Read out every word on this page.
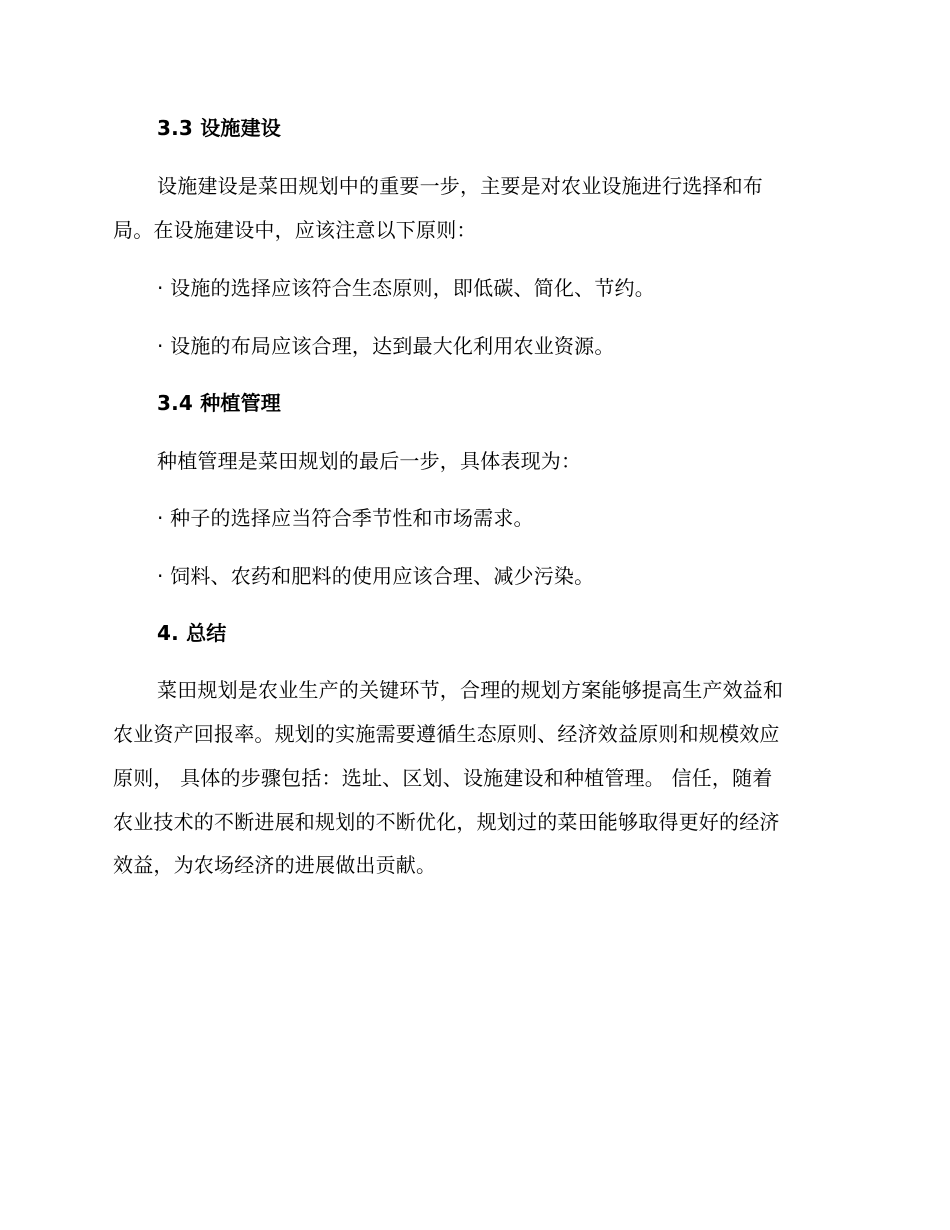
3.3 设施建设
设施建设是菜田规划中的重要一步，主要是对农业设施进行选择和布
局。在设施建设中，应该注意以下原则：
· 设施的选择应该符合生态原则，即低碳、简化、节约。
· 设施的布局应该合理，达到最大化利用农业资源。
3.4 种植管理
种植管理是菜田规划的最后一步，具体表现为：
· 种子的选择应当符合季节性和市场需求。
· 饲料、农药和肥料的使用应该合理、减少污染。
4. 总结
菜田规划是农业生产的关键环节，合理的规划方案能够提高生产效益和
农业资产回报率。规划的实施需要遵循生态原则、经济效益原则和规模效应
原则， 具体的步骤包括：选址、区划、设施建设和种植管理。 信任，随着
农业技术的不断进展和规划的不断优化，规划过的菜田能够取得更好的经济
效益，为农场经济的进展做出贡献。
